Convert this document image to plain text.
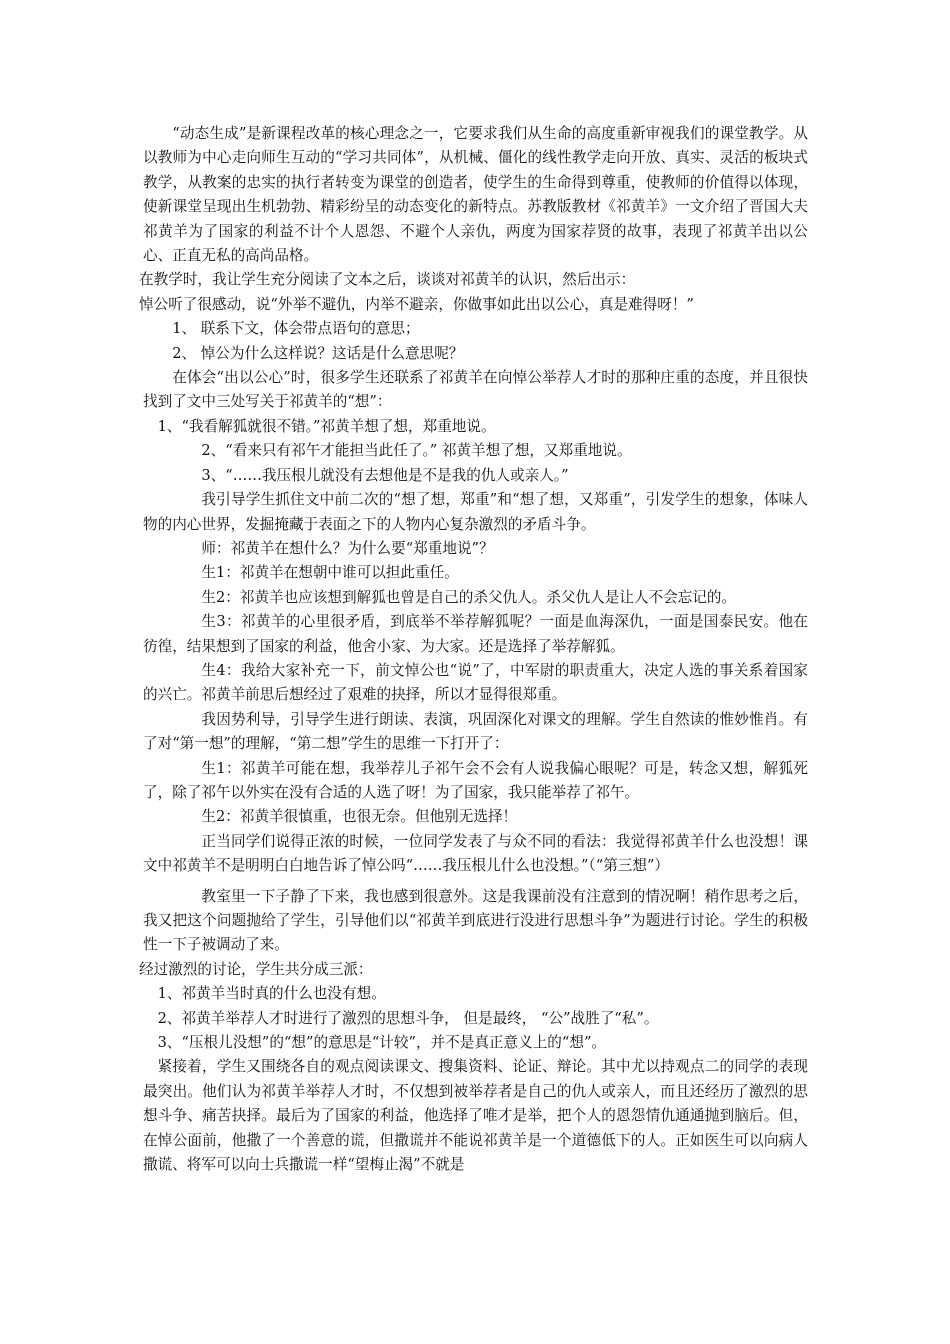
“动态生成”是新课程改革的核心理念之一，它要求我们从生命的高度重新审视我们的课堂教学。从以教师为中心走向师生互动的“学习共同体”，从机械、僵化的线性教学走向开放、真实、灵活的板块式教学，从教案的忠实的执行者转变为课堂的创造者，使学生的生命得到尊重，使教师的价值得以体现，使新课堂呈现出生机勃勃、精彩纷呈的动态变化的新特点。苏教版教材《祁黄羊》一文介绍了晋国大夫祁黄羊为了国家的利益不计个人恩怨、不避个人亲仇，两度为国家荐贤的故事，表现了祁黄羊出以公心、正直无私的高尚品格。

在教学时，我让学生充分阅读了文本之后，谈谈对祁黄羊的认识，然后出示：

悼公听了很感动，说“外举不避仇，内举不避亲，你做事如此出以公心，真是难得呀！”

1、 联系下文，体会带点语句的意思；

2、 悼公为什么这样说？这话是什么意思呢？

在体会“出以公心”时，很多学生还联系了祁黄羊在向悼公举荐人才时的那种庄重的态度，并且很快找到了文中三处写关于祁黄羊的“想”：

1、“我看解狐就很不错。”祁黄羊想了想，郑重地说。

2、“看来只有祁午才能担当此任了。” 祁黄羊想了想，又郑重地说。

3、“……我压根儿就没有去想他是不是我的仇人或亲人。”

我引导学生抓住文中前二次的“想了想，郑重”和“想了想，又郑重”，引发学生的想象，体味人物的内心世界，发掘掩藏于表面之下的人物内心复杂激烈的矛盾斗争。

师：祁黄羊在想什么？为什么要“郑重地说”？

生1：祁黄羊在想朝中谁可以担此重任。

生2：祁黄羊也应该想到解狐也曾是自己的杀父仇人。杀父仇人是让人不会忘记的。

生3：祁黄羊的心里很矛盾，到底举不举荐解狐呢？一面是血海深仇，一面是国泰民安。他在彷徨，结果想到了国家的利益，他舍小家、为大家。还是选择了举荐解狐。

生4：我给大家补充一下，前文悼公也“说”了，中军尉的职责重大，决定人选的事关系着国家的兴亡。祁黄羊前思后想经过了艰难的抉择，所以才显得很郑重。

我因势利导，引导学生进行朗读、表演，巩固深化对课文的理解。学生自然读的惟妙惟肖。有了对“第一想”的理解，“第二想”学生的思维一下打开了：

生1：祁黄羊可能在想，我举荐儿子祁午会不会有人说我偏心眼呢？可是，转念又想，解狐死了，除了祁午以外实在没有合适的人选了呀！为了国家，我只能举荐了祁午。

生2：祁黄羊很慎重，也很无奈。但他别无选择！

正当同学们说得正浓的时候，一位同学发表了与众不同的看法：我觉得祁黄羊什么也没想！课文中祁黄羊不是明明白白地告诉了悼公吗“……我压根儿什么也没想。”（“第三想”）

教室里一下子静了下来，我也感到很意外。这是我课前没有注意到的情况啊！稍作思考之后，我又把这个问题抛给了学生，引导他们以“祁黄羊到底进行没进行思想斗争”为题进行讨论。学生的积极性一下子被调动了来。

经过激烈的讨论，学生共分成三派：

1、祁黄羊当时真的什么也没有想。

2、祁黄羊举荐人才时进行了激烈的思想斗争， 但是最终， “公”战胜了“私”。

3、“压根儿没想”的“想”的意思是“计较”，并不是真正意义上的“想”。

紧接着，学生又围绕各自的观点阅读课文、搜集资料、论证、辩论。其中尤以持观点二的同学的表现最突出。他们认为祁黄羊举荐人才时，不仅想到被举荐者是自己的仇人或亲人，而且还经历了激烈的思想斗争、痛苦抉择。最后为了国家的利益，他选择了唯才是举，把个人的恩怨情仇通通抛到脑后。但，在悼公面前，他撒了一个善意的谎，但撒谎并不能说祁黄羊是一个道德低下的人。正如医生可以向病人撒谎、将军可以向士兵撒谎一样“望梅止渴”不就是
